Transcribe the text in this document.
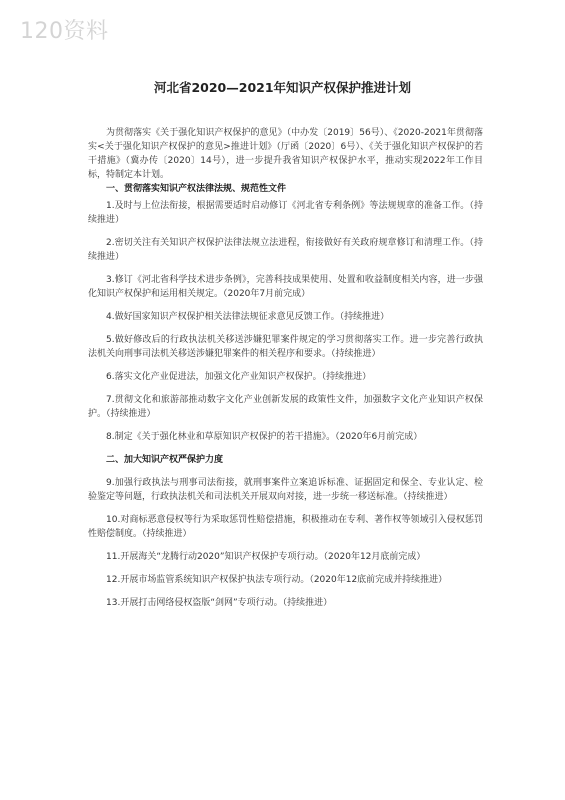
120资料
河北省2020—2021年知识产权保护推进计划

为贯彻落实《关于强化知识产权保护的意见》（中办发〔2019〕56号）、《2020-2021年贯彻落实<关于强化知识产权保护的意见>推进计划》（厅函〔2020〕6号）、《关于强化知识产权保护的若干措施》（冀办传〔2020〕14号），进一步提升我省知识产权保护水平，推动实现2022年工作目标，特制定本计划。

一、贯彻落实知识产权法律法规、规范性文件

1.及时与上位法衔接，根据需要适时启动修订《河北省专利条例》等法规规章的准备工作。（持续推进）

2.密切关注有关知识产权保护法律法规立法进程，衔接做好有关政府规章修订和清理工作。（持续推进）

3.修订《河北省科学技术进步条例》，完善科技成果使用、处置和收益制度相关内容，进一步强化知识产权保护和运用相关规定。（2020年7月前完成）

4.做好国家知识产权保护相关法律法规征求意见反馈工作。（持续推进）

5.做好修改后的行政执法机关移送涉嫌犯罪案件规定的学习贯彻落实工作。进一步完善行政执法机关向刑事司法机关移送涉嫌犯罪案件的相关程序和要求。（持续推进）

6.落实文化产业促进法，加强文化产业知识产权保护。（持续推进）

7.贯彻文化和旅游部推动数字文化产业创新发展的政策性文件，加强数字文化产业知识产权保护。（持续推进）

8.制定《关于强化林业和草原知识产权保护的若干措施》。（2020年6月前完成）

二、加大知识产权严保护力度

9.加强行政执法与刑事司法衔接，就刑事案件立案追诉标准、证据固定和保全、专业认定、检验鉴定等问题，行政执法机关和司法机关开展双向对接，进一步统一移送标准。（持续推进）

10.对商标恶意侵权等行为采取惩罚性赔偿措施，积极推动在专利、著作权等领域引入侵权惩罚性赔偿制度。（持续推进）

11.开展海关“龙腾行动2020”知识产权保护专项行动。（2020年12月底前完成）

12.开展市场监管系统知识产权保护执法专项行动。（2020年12底前完成并持续推进）

13.开展打击网络侵权盗版“剑网”专项行动。（持续推进）
